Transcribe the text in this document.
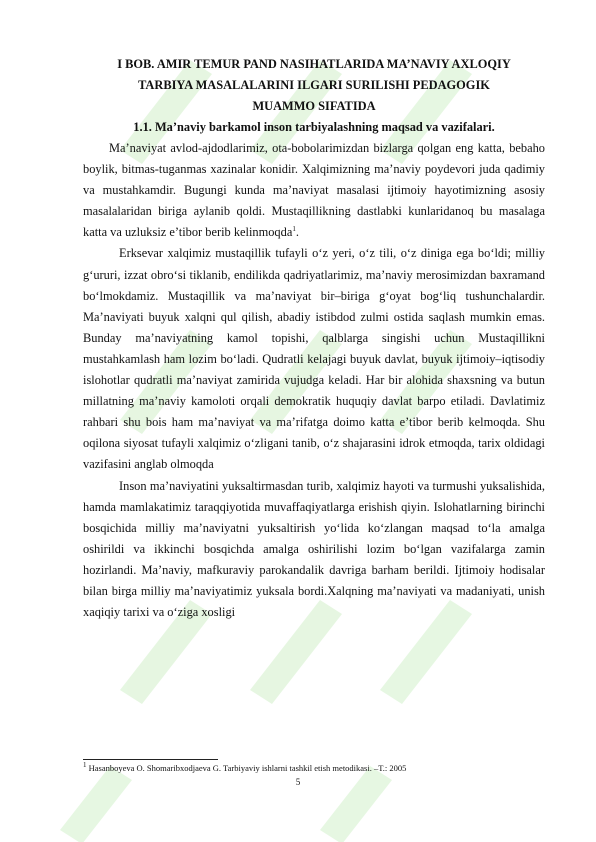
I BOB. AMIR TEMUR PAND NASIHATLARIDA MA’NAVIY AXLOQIY
TARBIYA MASALALARINI ILGARI SURILISHI PEDAGOGIK
MUAMMO SIFATIDA
1.1. Ma’naviy barkamol inson tarbiyalashning maqsad va vazifalari.

Ma’naviyat avlod-ajdodlarimiz, ota-bobolarimizdan bizlarga qolgan eng katta, bebaho boylik, bitmas-tuganmas xazinalar konidir. Xalqimizning ma’naviy poydevori juda qadimiy va mustahkamdir. Bugungi kunda ma’naviyat masalasi ijtimoiy hayotimizning asosiy masalalaridan biriga aylanib qoldi. Mustaqillikning dastlabki kunlaridanoq bu masalaga katta va uzluksiz e’tibor berib kelinmoqda$^1$.

Erksevar xalqimiz mustaqillik tufayli o‘z yeri, o‘z tili, o‘z diniga ega bo‘ldi; milliy g‘ururi, izzat obro‘si tiklanib, endilikda qadriyatlarimiz, ma’naviy merosimizdan baxramand bo‘lmokdamiz. Mustaqillik va ma’naviyat bir–biriga g‘oyat bog‘liq tushunchalardir. Ma’naviyati buyuk xalqni qul qilish, abadiy istibdod zulmi ostida saqlash mumkin emas. Bunday ma’naviyatning kamol topishi, qalblarga singishi uchun Mustaqillikni mustahkamlash ham lozim bo‘ladi. Qudratli kelajagi buyuk davlat, buyuk ijtimoiy–iqtisodiy islohotlar qudratli ma’naviyat zamirida vujudga keladi. Har bir alohida shaxsning va butun millatning ma’naviy kamoloti orqali demokratik huquqiy davlat barpo etiladi. Davlatimiz rahbari shu bois ham ma’naviyat va ma’rifatga doimo katta e’tibor berib kelmoqda. Shu oqilona siyosat tufayli xalqimiz o‘zligani tanib, o‘z shajarasini idrok etmoqda, tarix oldidagi vazifasini anglab olmoqda

Inson ma’naviyatini yuksaltirmasdan turib, xalqimiz hayoti va turmushi yuksalishida, hamda mamlakatimiz taraqqiyotida muvaffaqiyatlarga erishish qiyin. Islohatlarning birinchi bosqichida milliy ma’naviyatni yuksaltirish yo‘lida ko‘zlangan maqsad to‘la amalga oshirildi va ikkinchi bosqichda amalga oshirilishi lozim bo‘lgan vazifalarga zamin hozirlandi. Ma’naviy, mafkuraviy parokandalik davriga barham berildi. Ijtimoiy hodisalar bilan birga milliy ma’naviyatimiz yuksala bordi.Xalqning ma’naviyati va madaniyati, unish xaqiqiy tarixi va o‘ziga xosligi

$^1$ Hasanboyeva O. Shomaribxodjaeva G. Tarbiyaviy ishlarni tashkil etish metodikasi. –T.: 2005
5
